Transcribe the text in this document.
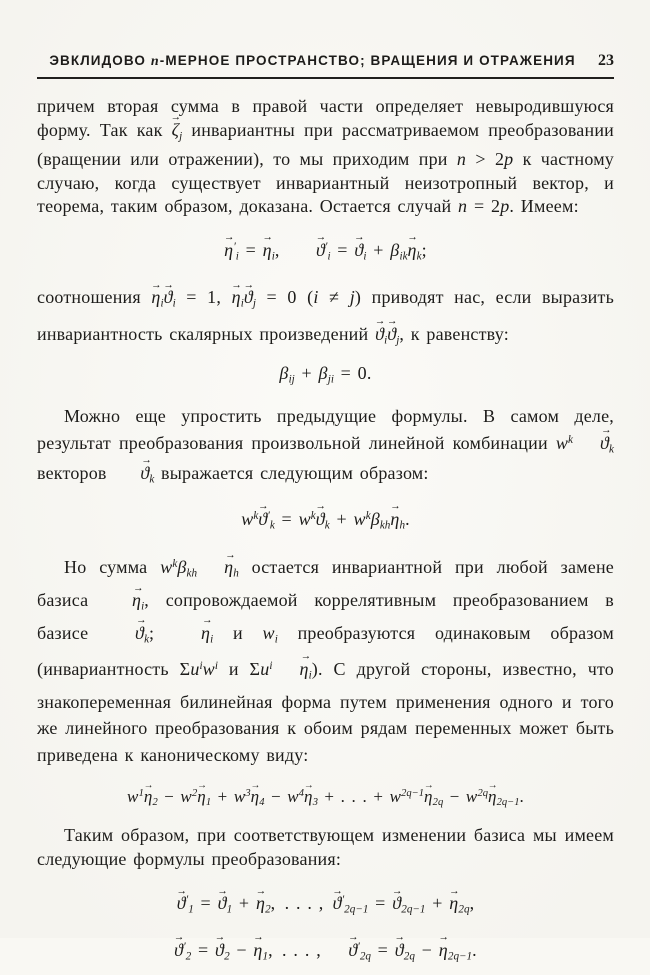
ЭВКЛИДОВО n-МЕРНОЕ ПРОСТРАНСТВО; ВРАЩЕНИЯ И ОТРАЖЕНИЯ	23
причем вторая сумма в правой части определяет невыродившуюся форму. Так как $\zeta \to_j$ инвариантны при рассматриваемом преобразовании (вращении или отражении), то мы приходим при n > 2p к частному случаю, когда существует инвариантный неизотропный вектор, и теорема, таким образом, доказана. Остается случай n = 2p. Имеем:
$\eta \to'_i = \eta \to_i$,  $ϑ \to'_i = ϑ \to_i + \beta_{ik}\eta \to_k$;
соотношения $\eta \to_iϑ \to_i = 1$, $\eta \to_iϑ \to_j = 0$ (i ≠ j) приводят нас, если выразить инвариантность скалярных произведений $ϑ \to_iϑ \to_j$, к равенству:
$\beta_{ij} + \beta_{ji} = 0$.
Можно еще упростить предыдущие формулы. В самом деле, результат преобразования произвольной линейной комбинации $w^k$ $ϑ \to_k$ векторов $ϑ \to_k$ выражается следующим образом:
$w^kϑ \to'_k = w^kϑ \to_k + w^k\beta_{kh}\eta \to_h$.
Но сумма $w^k\beta_{kh}$ $\eta \to_h$ остается инвариантной при любой замене базиса $\eta \to_i$, сопровождаемой коррелятивным преобразованием в базисе $ϑ \to_k$; $\eta \to_i$ и $w_i$ преобразуются одинаковым образом (инвариантность $\Sigma u^iw^i$ и $\Sigma u^i$ $\eta \to_i$). С другой стороны, известно, что знакопеременная билинейная форма путем применения одного и того же линейного преобразования к обоим рядам переменных может быть приведена к каноническому виду:
$w^1\eta \to_2 - w^2\eta \to_1 + w^3\eta \to_4 - w^4\eta \to_3$ + . . . + $w^{2q-1}\eta \to_{2q} - w^{2q}\eta \to_{2q-1}$.
Таким образом, при соответствующем изменении базиса мы имеем следующие формулы преобразования:
$ϑ \to'_1 = ϑ \to_1 + \eta \to_2$, . . . , $ϑ \to'_{2q-1} = ϑ \to_{2q-1} + \eta \to_{2q}$,
$ϑ \to'_2 = ϑ \to_2 - \eta \to_1$, . . . ,  $ϑ \to'_{2q} = ϑ \to_{2q} - \eta \to_{2q-1}$.
